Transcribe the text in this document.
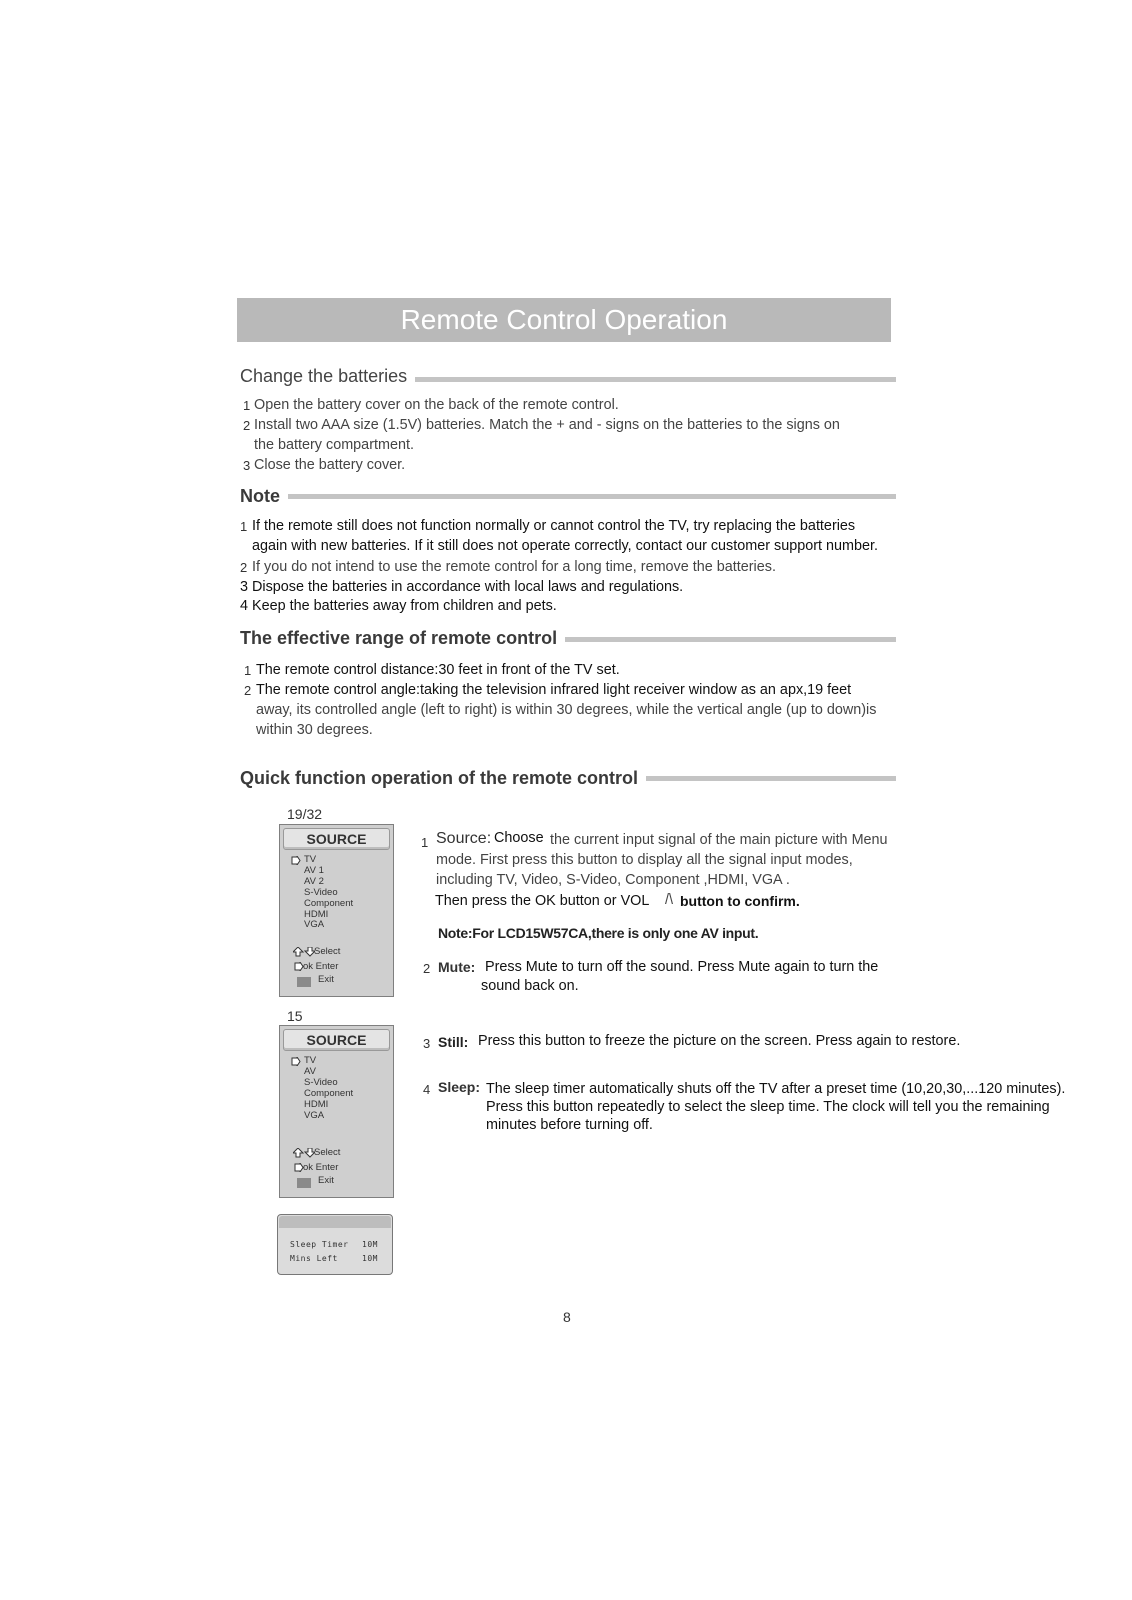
Remote Control Operation
Change the batteries
1 Open the battery cover on the back of the remote control.
2 Install two AAA size (1.5V) batteries. Match the + and - signs on the batteries to the signs on
the battery compartment.
3 Close the battery cover.
Note
1 If the remote still does not function normally or cannot control the TV, try replacing the batteries
again with new batteries. If it still does not operate correctly, contact our customer support number.
2 If you do not intend to use the remote control for a long time, remove the batteries.
3 Dispose the batteries in accordance with local laws and regulations.
4 Keep the batteries away from children and pets.
The effective range of remote control
1 The remote control distance:30 feet in front of the TV set.
2 The remote control angle:taking the television infrared light receiver window as an apx,19 feet
away, its controlled angle (left to right) is within 30 degrees, while the vertical angle (up to down)is
within 30 degrees.
Quick function operation of the remote control
19/32
SOURCE
TV
AV 1
AV 2
S-Video
Component
HDMI
VGA
Select
ok Enter
Exit
15
SOURCE
TV
AV
S-Video
Component
HDMI
VGA
Select
ok Enter
Exit
Sleep Timer 10M
Mins Left	10M
1 Source: Choose the current input signal of the main picture with Menu
mode. First press this button to display all the signal input modes,
including TV, Video, S-Video, Component ,HDMI, VGA .
Then press the OK button or VOL /\ button to confirm.
Note:For LCD15W57CA,there is only one AV input.
2 Mute: Press Mute to turn off the sound. Press Mute again to turn the
sound back on.
3 Still: Press this button to freeze the picture on the screen. Press again to restore.
4 Sleep: The sleep timer automatically shuts off the TV after a preset time (10,20,30,...120 minutes).
Press this button repeatedly to select the sleep time. The clock will tell you the remaining
minutes before turning off.
8
